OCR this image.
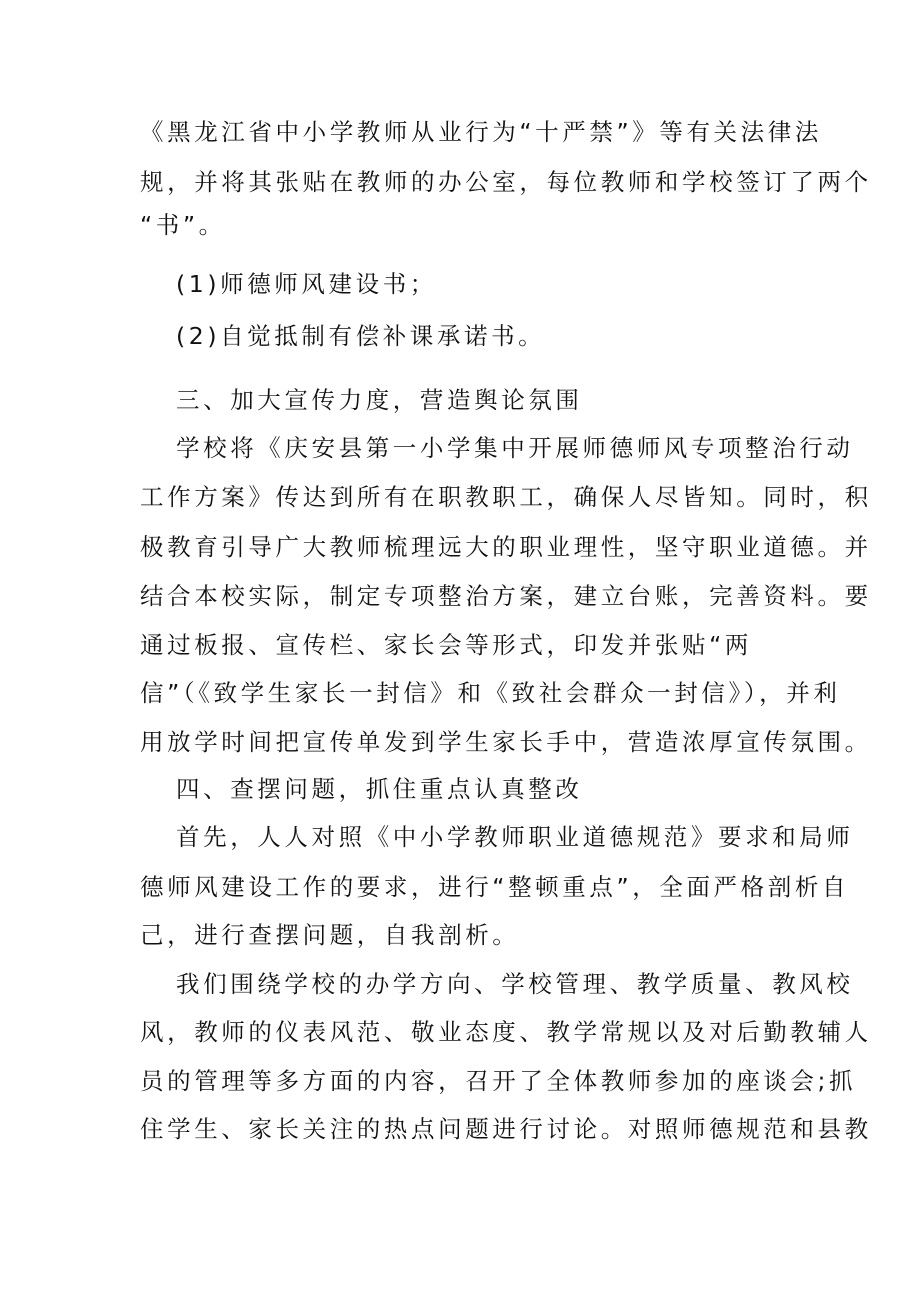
《黑龙江省中小学教师从业行为“十严禁”》等有关法律法
规，并将其张贴在教师的办公室，每位教师和学校签订了两个
“书”。
(1)师德师风建设书；
(2)自觉抵制有偿补课承诺书。
三、加大宣传力度，营造舆论氛围
学校将《庆安县第一小学集中开展师德师风专项整治行动
工作方案》传达到所有在职教职工，确保人尽皆知。同时，积
极教育引导广大教师梳理远大的职业理性，坚守职业道德。并
结合本校实际，制定专项整治方案，建立台账，完善资料。要
通过板报、宣传栏、家长会等形式，印发并张贴“两
信”（《致学生家长一封信》和《致社会群众一封信》），并利
用放学时间把宣传单发到学生家长手中，营造浓厚宣传氛围。
四、查摆问题，抓住重点认真整改
首先，人人对照《中小学教师职业道德规范》要求和局师
德师风建设工作的要求，进行“整顿重点”，全面严格剖析自
己，进行查摆问题，自我剖析。
我们围绕学校的办学方向、学校管理、教学质量、教风校
风，教师的仪表风范、敬业态度、教学常规以及对后勤教辅人
员的管理等多方面的内容，召开了全体教师参加的座谈会;抓
住学生、家长关注的热点问题进行讨论。对照师德规范和县教
